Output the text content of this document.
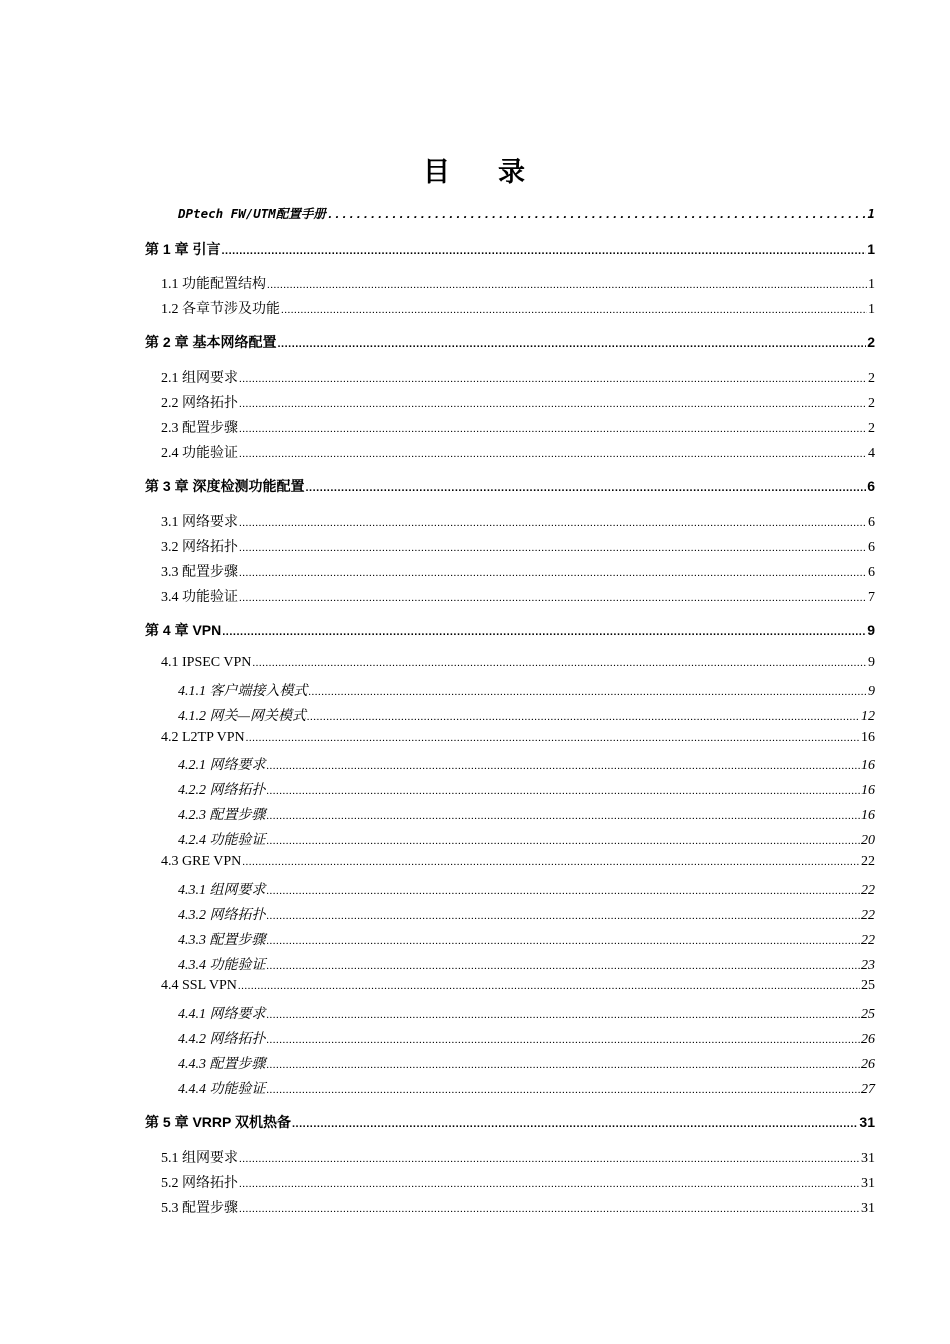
目 录
DPtech FW/UTM配置手册 .....	1
第 1 章 引言 .....	1
1.1 功能配置结构 .....	1
1.2 各章节涉及功能 .....	1
第 2 章 基本网络配置 .....	2
2.1 组网要求 .....	2
2.2 网络拓扑 .....	2
2.3 配置步骤 .....	2
2.4 功能验证 .....	4
第 3 章 深度检测功能配置 .....	6
3.1 网络要求 .....	6
3.2 网络拓扑 .....	6
3.3 配置步骤 .....	6
3.4 功能验证 .....	7
第 4 章 VPN .....	9
4.1 IPSEC VPN .....	9
4.1.1 客户端接入模式 .....	9
4.1.2 网关—网关模式 .....	12
4.2 L2TP VPN .....	16
4.2.1 网络要求 .....	16
4.2.2 网络拓扑 .....	16
4.2.3 配置步骤 .....	16
4.2.4 功能验证 .....	20
4.3 GRE VPN .....	22
4.3.1 组网要求 .....	22
4.3.2 网络拓扑 .....	22
4.3.3 配置步骤 .....	22
4.3.4 功能验证 .....	23
4.4 SSL VPN .....	25
4.4.1 网络要求 .....	25
4.4.2 网络拓扑 .....	26
4.4.3 配置步骤 .....	26
4.4.4 功能验证 .....	27
第 5 章 VRRP 双机热备 .....	31
5.1 组网要求 .....	31
5.2 网络拓扑 .....	31
5.3 配置步骤 .....	31
